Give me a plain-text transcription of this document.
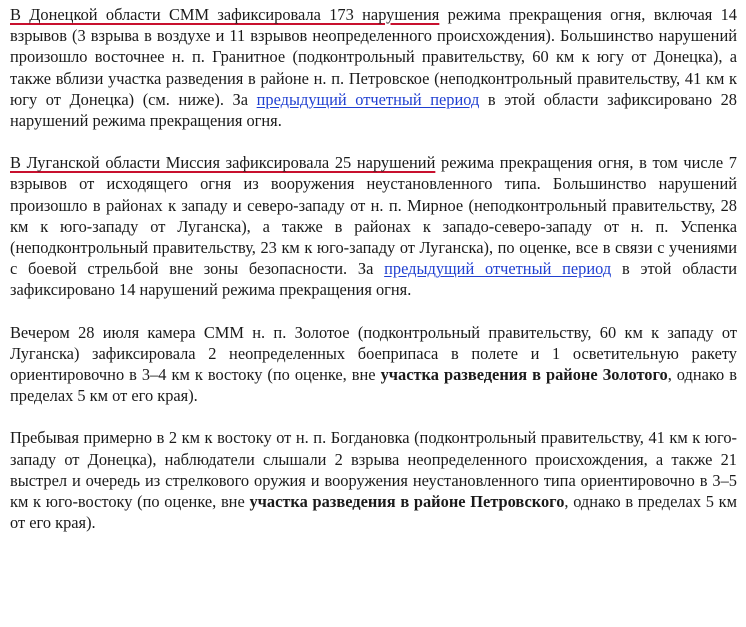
В Донецкой области СММ зафиксировала 173 нарушения режима прекращения огня, включая 14 взрывов (3 взрыва в воздухе и 11 взрывов неопределенного происхождения). Большинство нарушений произошло восточнее н. п. Гранитное (подконтрольный правительству, 60 км к югу от Донецка), а также вблизи участка разведения в районе н. п. Петровское (неподконтрольный правительству, 41 км к югу от Донецка) (см. ниже). За предыдущий отчетный период в этой области зафиксировано 28 нарушений режима прекращения огня.

В Луганской области Миссия зафиксировала 25 нарушений режима прекращения огня, в том числе 7 взрывов от исходящего огня из вооружения неустановленного типа. Большинство нарушений произошло в районах к западу и северо-западу от н. п. Мирное (неподконтрольный правительству, 28 км к юго-западу от Луганска), а также в районах к западо-северо-западу от н. п. Успенка (неподконтрольный правительству, 23 км к юго-западу от Луганска), по оценке, все в связи с учениями с боевой стрельбой вне зоны безопасности. За предыдущий отчетный период в этой области зафиксировано 14 нарушений режима прекращения огня.

Вечером 28 июля камера СММ н. п. Золотое (подконтрольный правительству, 60 км к западу от Луганска) зафиксировала 2 неопределенных боеприпаса в полете и 1 осветительную ракету ориентировочно в 3–4 км к востоку (по оценке, вне участка разведения в районе Золотого, однако в пределах 5 км от его края).

Пребывая примерно в 2 км к востоку от н. п. Богдановка (подконтрольный правительству, 41 км к юго-западу от Донецка), наблюдатели слышали 2 взрыва неопределенного происхождения, а также 21 выстрел и очередь из стрелкового оружия и вооружения неустановленного типа ориентировочно в 3–5 км к юго-востоку (по оценке, вне участка разведения в районе Петровского, однако в пределах 5 км от его края).
